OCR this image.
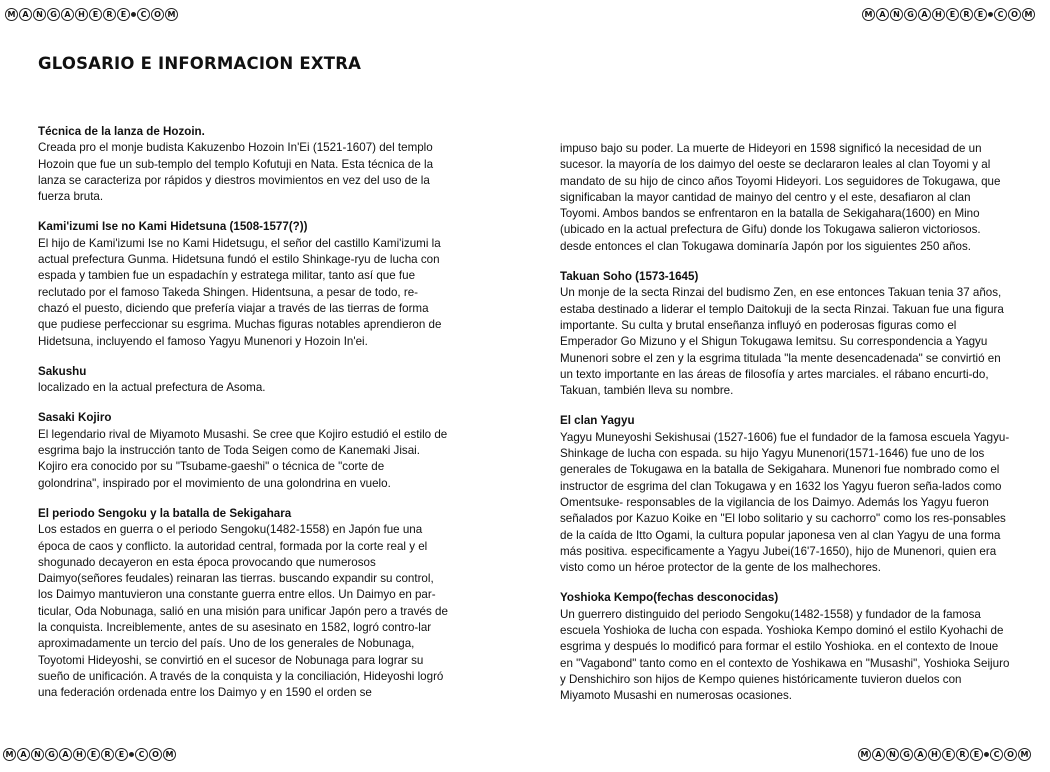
M A N G A H E	R	E	C O M	M A N G A H E	R	E	C O M
M A N G A H E	R	E	C O M	M A N G A H E	R	E	C O M
GLOSARIO E INFORMACION EXTRA
Técnica de la lanza de Hozoin.

Creada pro el monje budista Kakuzenbo Hozoin In'Ei (1521-1607) del templo Hozoin que fue un sub-templo del templo Kofutuji en Nata. Esta técnica de la lanza se caracteriza por rápidos y diestros movimientos en vez del uso de la fuerza bruta.

Kami'izumi Ise no Kami Hidetsuna (1508-1577(?))

El hijo de Kami'izumi Ise no Kami Hidetsugu, el señor del castillo Kami'izumi la actual prefectura Gunma. Hidetsuna fundó el estilo Shinkage-ryu de lucha con espada y tambien fue un espadachín y estratega militar, tanto así que fue reclutado por el famoso Takeda Shingen. Hidentsuna, a pesar de todo, re-chazó el puesto, diciendo que prefería viajar a través de las tierras de forma que pudiese perfeccionar su esgrima. Muchas figuras notables aprendieron de Hidetsuna, incluyendo el famoso Yagyu Munenori y Hozoin In'ei.

Sakushu

localizado en la actual prefectura de Asoma.

Sasaki Kojiro

El legendario rival de Miyamoto Musashi. Se cree que Kojiro estudió el estilo de esgrima bajo la instrucción tanto de Toda Seigen como de Kanemaki Jisai. Kojiro era conocido por su "Tsubame-gaeshi" o técnica de "corte de golondrina", inspirado por el movimiento de una golondrina en vuelo.

El periodo Sengoku y la batalla de Sekigahara

Los estados en guerra o el periodo Sengoku(1482-1558) en Japón fue una época de caos y conflicto. la autoridad central, formada por la corte real y el shogunado decayeron en esta época provocando que numerosos Daimyo(señores feudales) reinaran las tierras. buscando expandir su control, los Daimyo mantuvieron una constante guerra entre ellos. Un Daimyo en par-ticular, Oda Nobunaga, salió en una misión para unificar Japón pero a través de la conquista. Increiblemente, antes de su asesinato en 1582, logró contro-lar aproximadamente un tercio del país. Uno de los generales de Nobunaga, Toyotomi Hideyoshi, se convirtió en el sucesor de Nobunaga para lograr su sueño de unificación. A través de la conquista y la conciliación, Hideyoshi logró una federación ordenada entre los Daimyo y en 1590 el orden se

impuso bajo su poder. La muerte de Hideyori en 1598 significó la necesidad de un sucesor. la mayoría de los daimyo del oeste se declararon leales al clan Toyomi y al mandato de su hijo de cinco años Toyomi Hideyori. Los seguidores de Tokugawa, que significaban la mayor cantidad de mainyo del centro y el este, desafiaron al clan Toyomi. Ambos bandos se enfrentaron en la batalla de Sekigahara(1600) en Mino (ubicado en la actual prefectura de Gifu) donde los Tokugawa salieron victoriosos. desde entonces el clan Tokugawa dominaría Japón por los siguientes 250 años.

Takuan Soho (1573-1645)

Un monje de la secta Rinzai del budismo Zen, en ese entonces Takuan tenia 37 años, estaba destinado a liderar el templo Daitokuji de la secta Rinzai. Takuan fue una figura importante. Su culta y brutal enseñanza influyó en poderosas figuras como el Emperador Go Mizuno y el Shigun Tokugawa Iemitsu. Su correspondencia a Yagyu Munenori sobre el zen y la esgrima titulada "la mente desencadenada" se convirtió en un texto importante en las áreas de filosofía y artes marciales. el rábano encurti-do, Takuan, también lleva su nombre.

El clan Yagyu

Yagyu Muneyoshi Sekishusai (1527-1606) fue el fundador de la famosa escuela Yagyu-Shinkage de lucha con espada. su hijo Yagyu Munenori(1571-1646) fue uno de los generales de Tokugawa en la batalla de Sekigahara. Munenori fue nombrado como el instructor de esgrima del clan Tokugawa y en 1632 los Yagyu fueron seña-lados como Omentsuke- responsables de la vigilancia de los Daimyo. Además los Yagyu fueron señalados por Kazuo Koike en "El lobo solitario y su cachorro" como los res-ponsables de la caída de Itto Ogami, la cultura popular japonesa ven al clan Yagyu de una forma más positiva. especificamente a Yagyu Jubei(16'7-1650), hijo de Munenori, quien era visto como un héroe protector de la gente de los malhechores.

Yoshioka Kempo(fechas desconocidas)

Un guerrero distinguido del periodo Sengoku(1482-1558) y fundador de la famosa escuela Yoshioka de lucha con espada. Yoshioka Kempo dominó el estilo Kyohachi de esgrima y después lo modificó para formar el estilo Yoshioka. en el contexto de Inoue en "Vagabond" tanto como en el contexto de Yoshikawa en "Musashi", Yoshioka Seijuro y Denshichiro son hijos de Kempo quienes históricamente tuvieron duelos con Miyamoto Musashi en numerosas ocasiones.
